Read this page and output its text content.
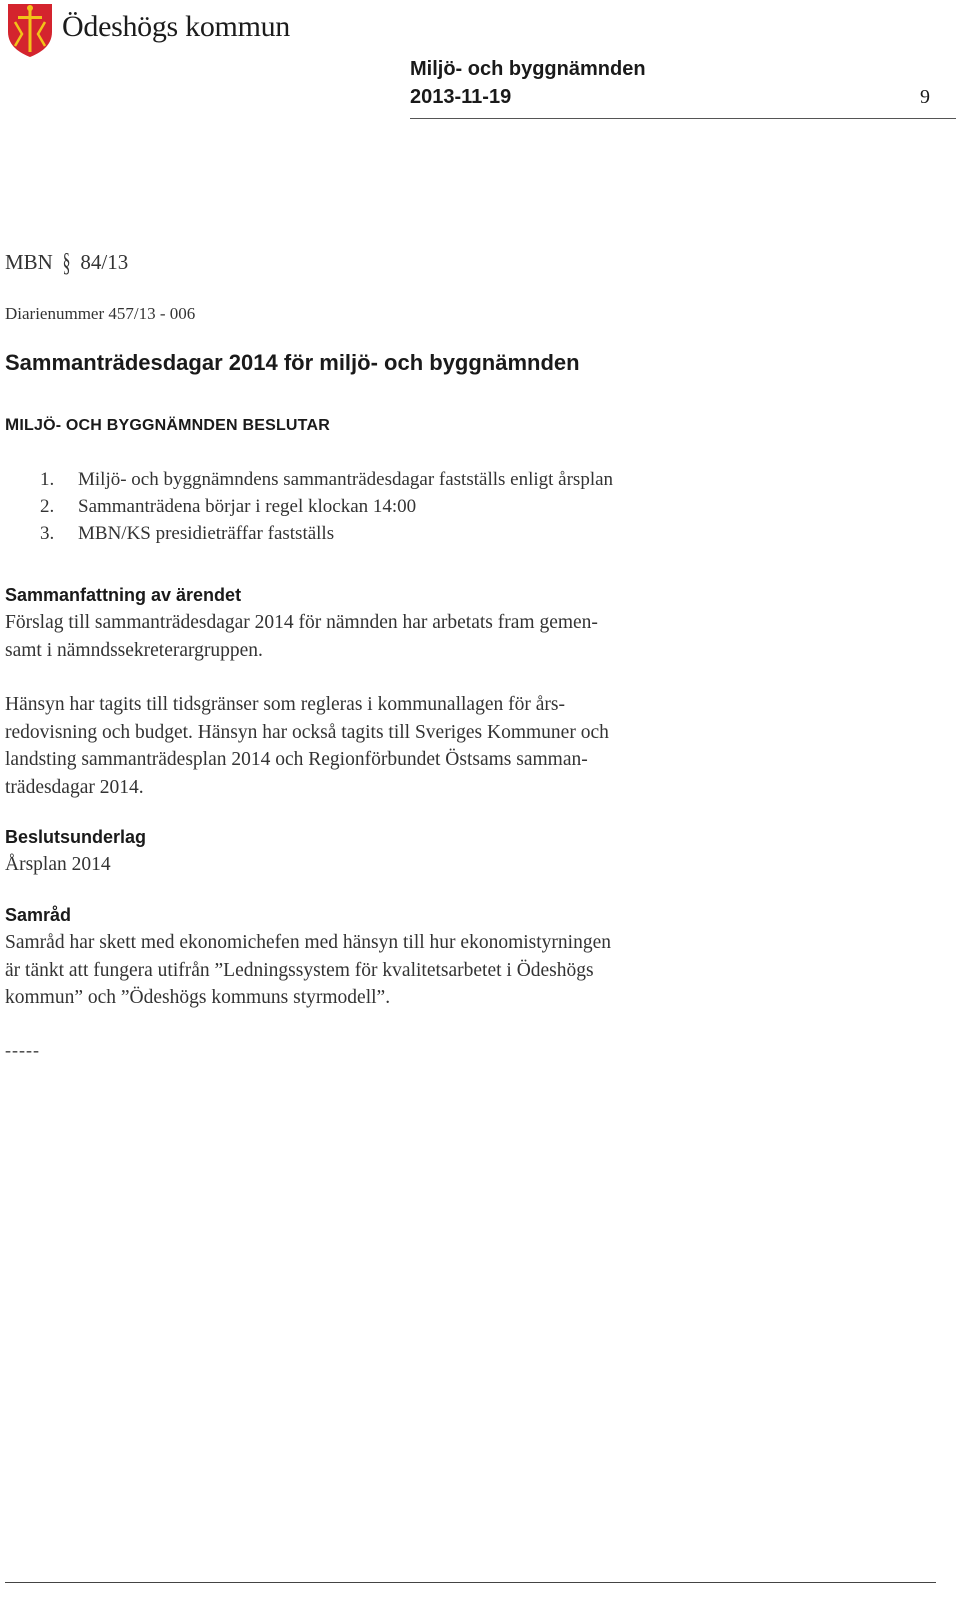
Ödeshögs kommun
Miljö- och byggnämnden
2013-11-19	9
MBN § 84/13
Diarienummer 457/13 - 006
Sammanträdesdagar 2014 för miljö- och byggnämnden
MILJÖ- OCH BYGGNÄMNDEN BESLUTAR
1. Miljö- och byggnämndens sammanträdesdagar fastställs enligt årsplan
2. Sammanträdena börjar i regel klockan 14:00
3. MBN/KS presidieträffar fastställs
Sammanfattning av ärendet

Förslag till sammanträdesdagar 2014 för nämnden har arbetats fram gemen-
samt i nämndssekreterargruppen.

Hänsyn har tagits till tidsgränser som regleras i kommunallagen för års-
redovisning och budget. Hänsyn har också tagits till Sveriges Kommuner och
landsting sammanträdesplan 2014 och Regionförbundet Östsams samman-
trädesdagar 2014.

Beslutsunderlag

Årsplan 2014

Samråd

Samråd har skett med ekonomichefen med hänsyn till hur ekonomistyrningen
är tänkt att fungera utifrån ”Ledningssystem för kvalitetsarbetet i Ödeshögs
kommun” och ”Ödeshögs kommuns styrmodell”.

-----
